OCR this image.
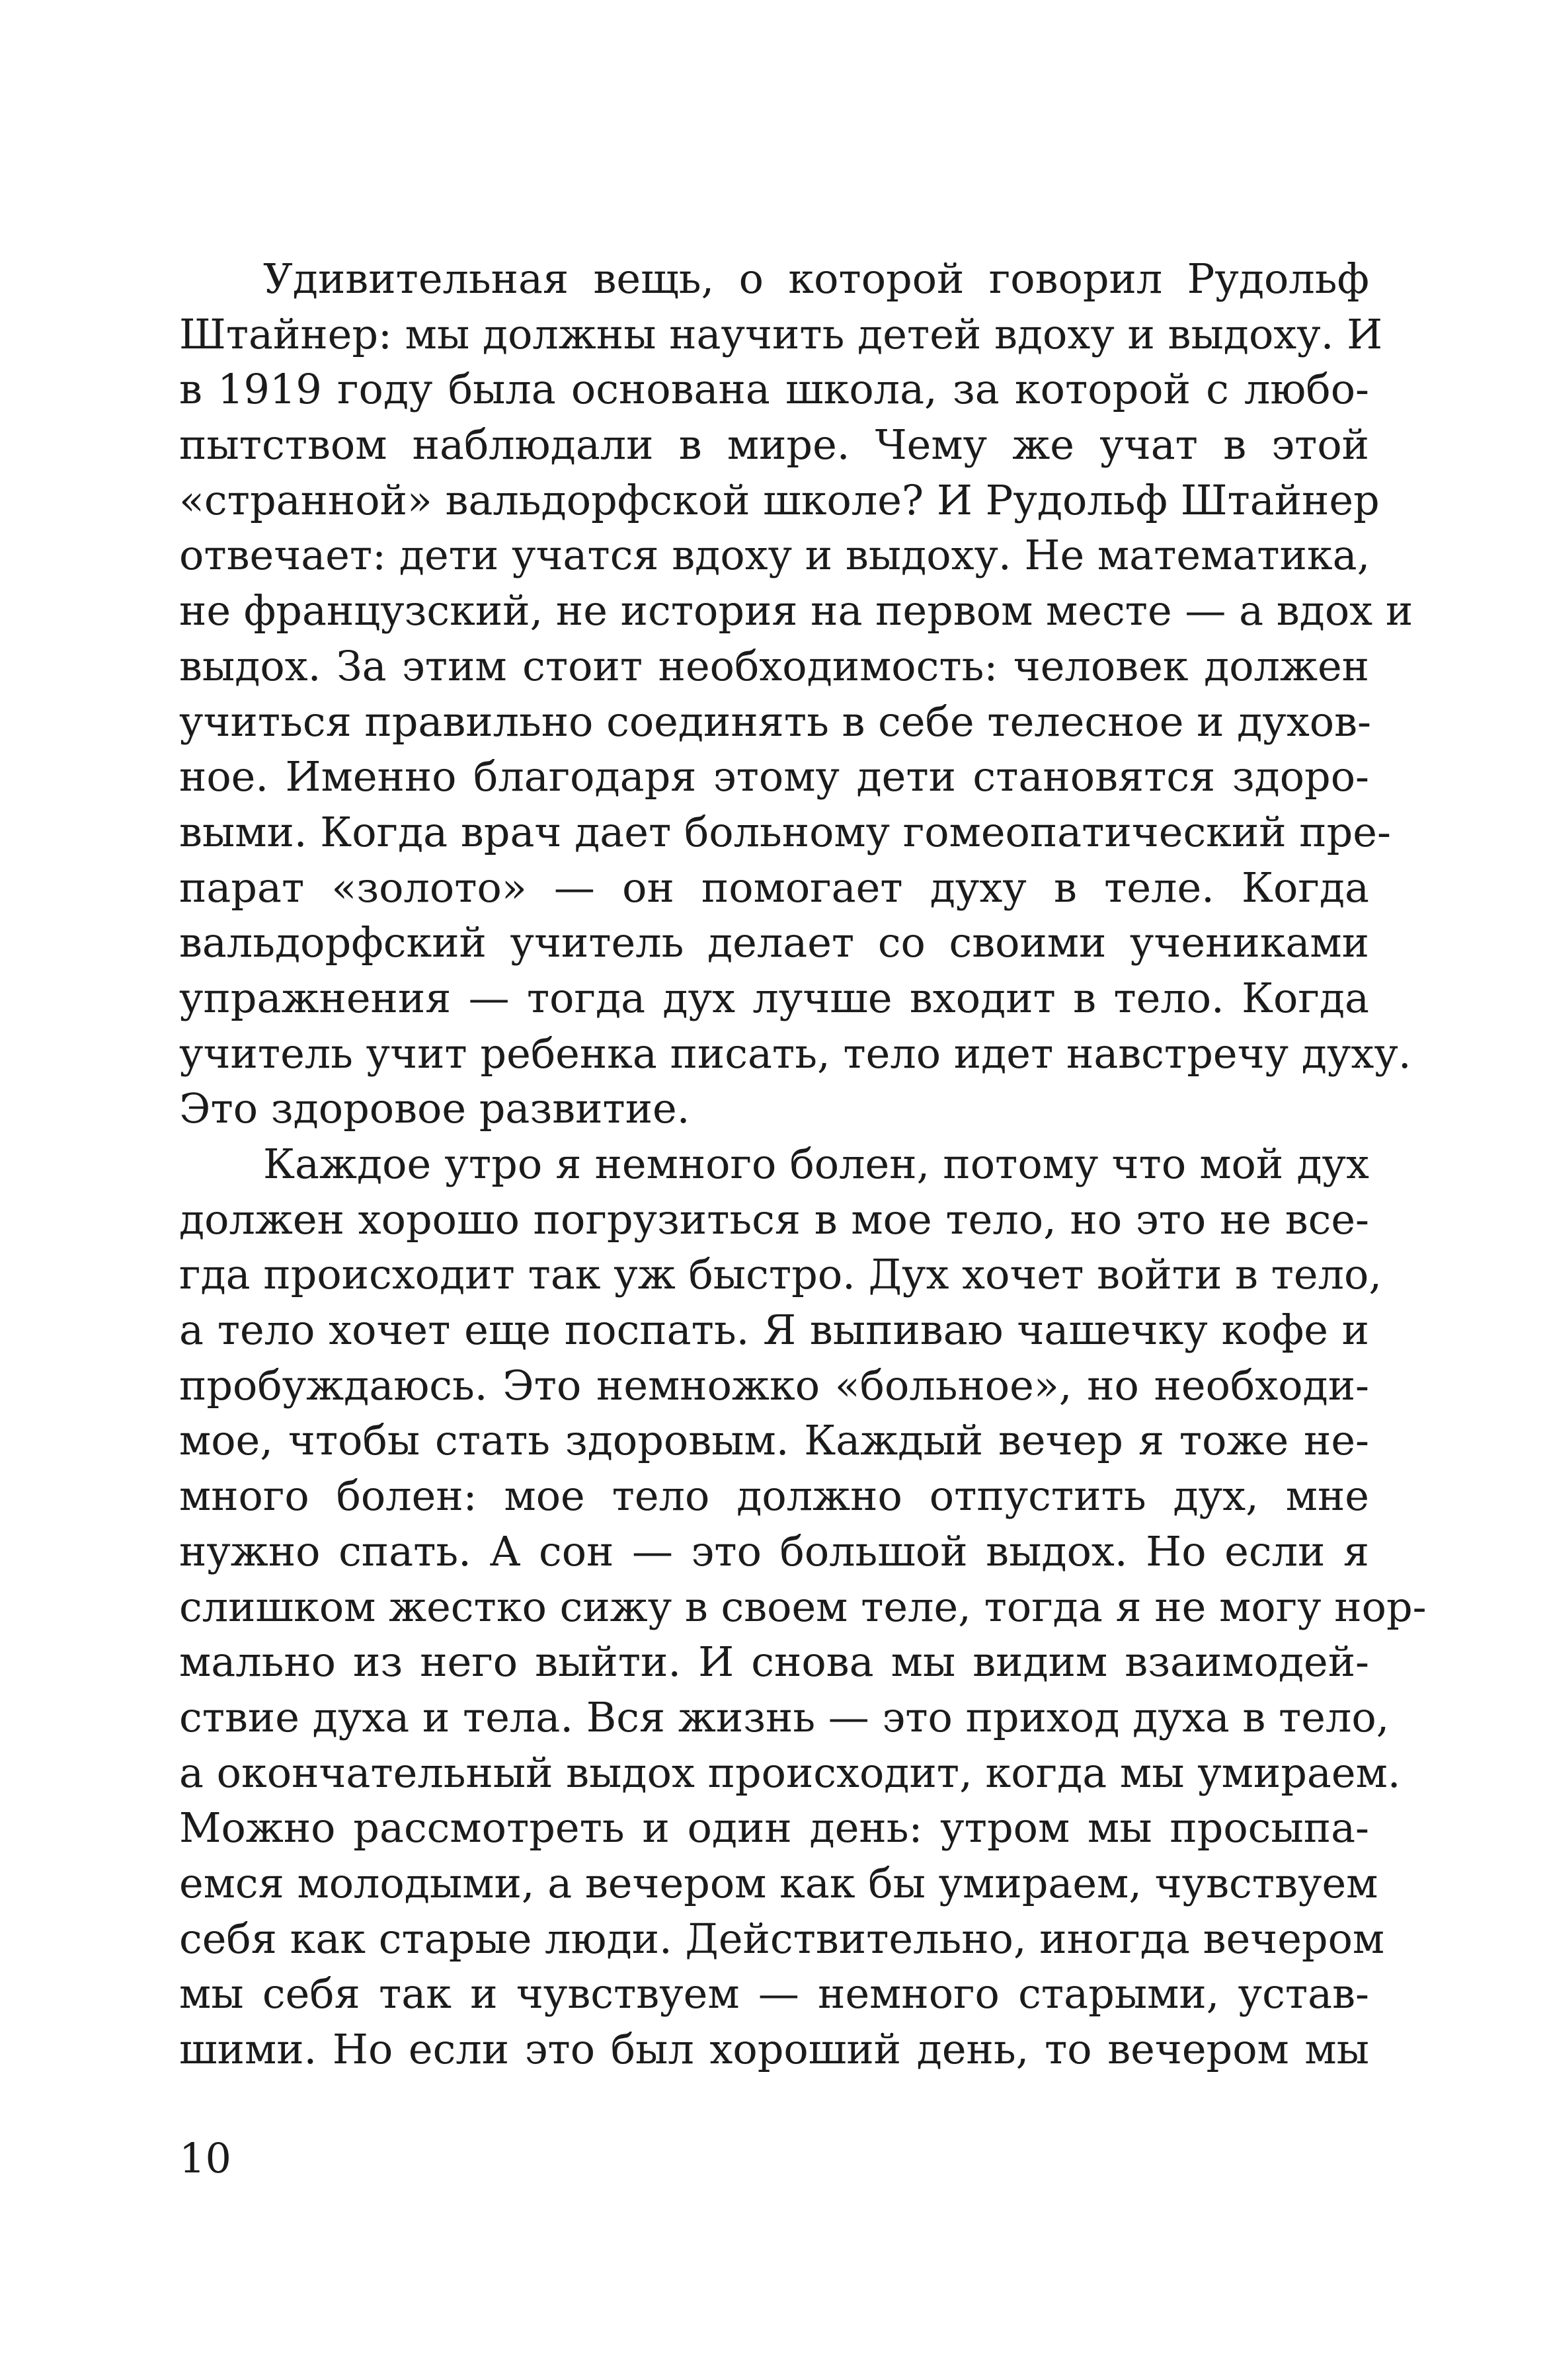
Удивительная вещь, о которой говорил Рудольф
Штайнер: мы должны научить детей вдоху и выдоху. И
в 1919 году была основана школа, за которой с любо-
пытством наблюдали в мире. Чему же учат в этой
«странной» вальдорфской школе? И Рудольф Штайнер
отвечает: дети учатся вдоху и выдоху. Не математика,
не французский, не история на первом месте — а вдох и
выдох. За этим стоит необходимость: человек должен
учиться правильно соединять в себе телесное и духов-
ное. Именно благодаря этому дети становятся здоро-
выми. Когда врач дает больному гомеопатический пре-
парат «золото» — он помогает духу в теле. Когда
вальдорфский учитель делает со своими учениками
упражнения — тогда дух лучше входит в тело. Когда
учитель учит ребенка писать, тело идет навстречу духу.
Это здоровое развитие.
Каждое утро я немного болен, потому что мой дух
должен хорошо погрузиться в мое тело, но это не все-
гда происходит так уж быстро. Дух хочет войти в тело,
а тело хочет еще поспать. Я выпиваю чашечку кофе и
пробуждаюсь. Это немножко «больное», но необходи-
мое, чтобы стать здоровым. Каждый вечер я тоже не-
много болен: мое тело должно отпустить дух, мне
нужно спать. А сон — это большой выдох. Но если я
слишком жестко сижу в своем теле, тогда я не могу нор-
мально из него выйти. И снова мы видим взаимодей-
ствие духа и тела. Вся жизнь — это приход духа в тело,
а окончательный выдох происходит, когда мы умираем.
Можно рассмотреть и один день: утром мы просыпа-
емся молодыми, а вечером как бы умираем, чувствуем
себя как старые люди. Действительно, иногда вечером
мы себя так и чувствуем — немного старыми, устав-
шими. Но если это был хороший день, то вечером мы
10
